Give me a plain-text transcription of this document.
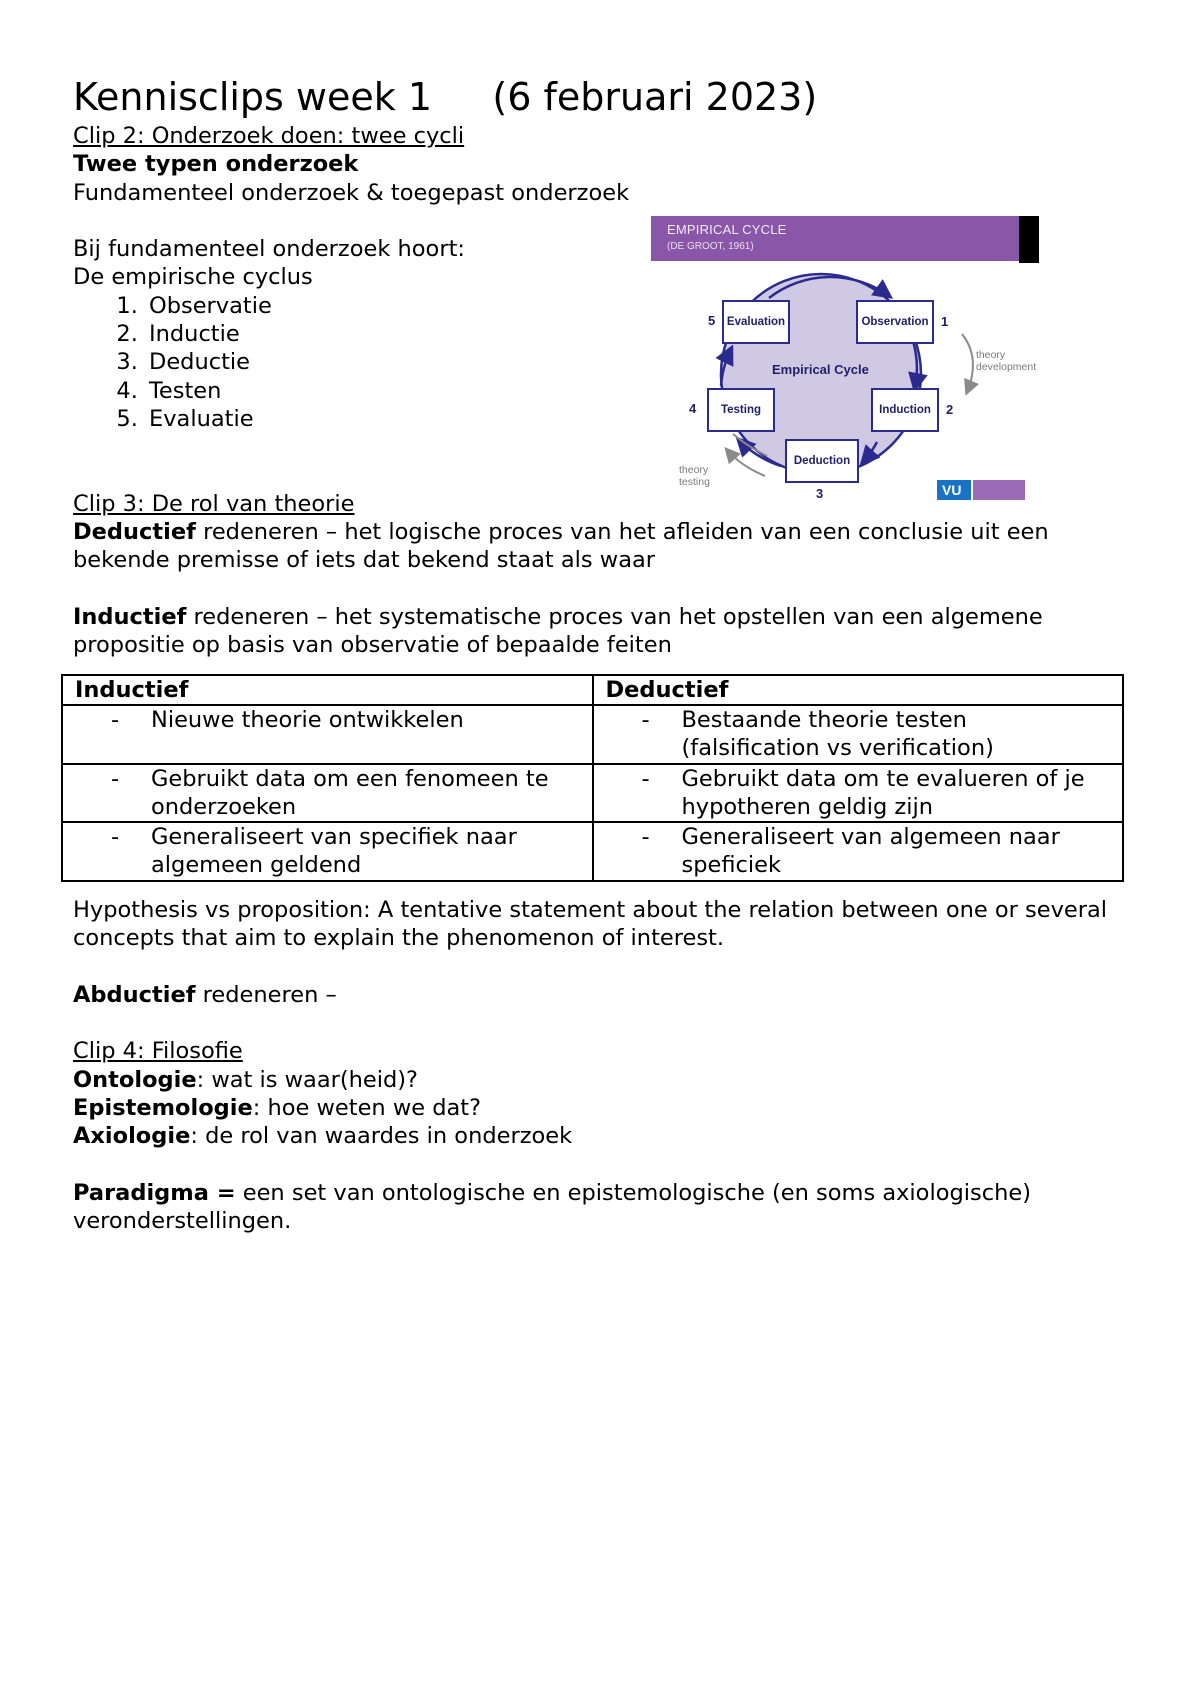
Kennisclips week 1     (6 februari 2023)

Clip 2: Onderzoek doen: twee cycli

Twee typen onderzoek

Fundamenteel onderzoek & toegepast onderzoek

Bij fundamenteel onderzoek hoort:

De empirische cyclus

1. Observatie
2. Inductie
3. Deductie
4. Testen
5. Evaluatie

Clip 3: De rol van theorie

Deductief redeneren – het logische proces van het afleiden van een conclusie uit een bekende premisse of iets dat bekend staat als waar

Inductief redeneren – het systematische proces van het opstellen van een algemene propositie op basis van observatie of bepaalde feiten

Inductief	Deductief

- Nieuwe theorie ontwikkelen	- Bestaande theorie testen (falsification vs verification)

- Gebruikt data om een fenomeen te onderzoeken	- Gebruikt data om te evalueren of je hypotheren geldig zijn

- Generaliseert van specifiek naar algemeen geldend	- Generaliseert van algemeen naar speficiek

Hypothesis vs proposition: A tentative statement about the relation between one or several concepts that aim to explain the phenomenon of interest.

Abductief redeneren –

Clip 4: Filosofie

Ontologie: wat is waar(heid)?

Epistemologie: hoe weten we dat?

Axiologie: de rol van waardes in onderzoek

Paradigma = een set van ontologische en epistemologische (en soms axiologische) veronderstellingen.

EMPIRICAL CYCLE
(DE GROOT, 1961)
VU
Empirical Cycle
Evaluation	Observation
Testing	Induction
Deduction
5	1
4	2
3
theory
development
theory
testing
